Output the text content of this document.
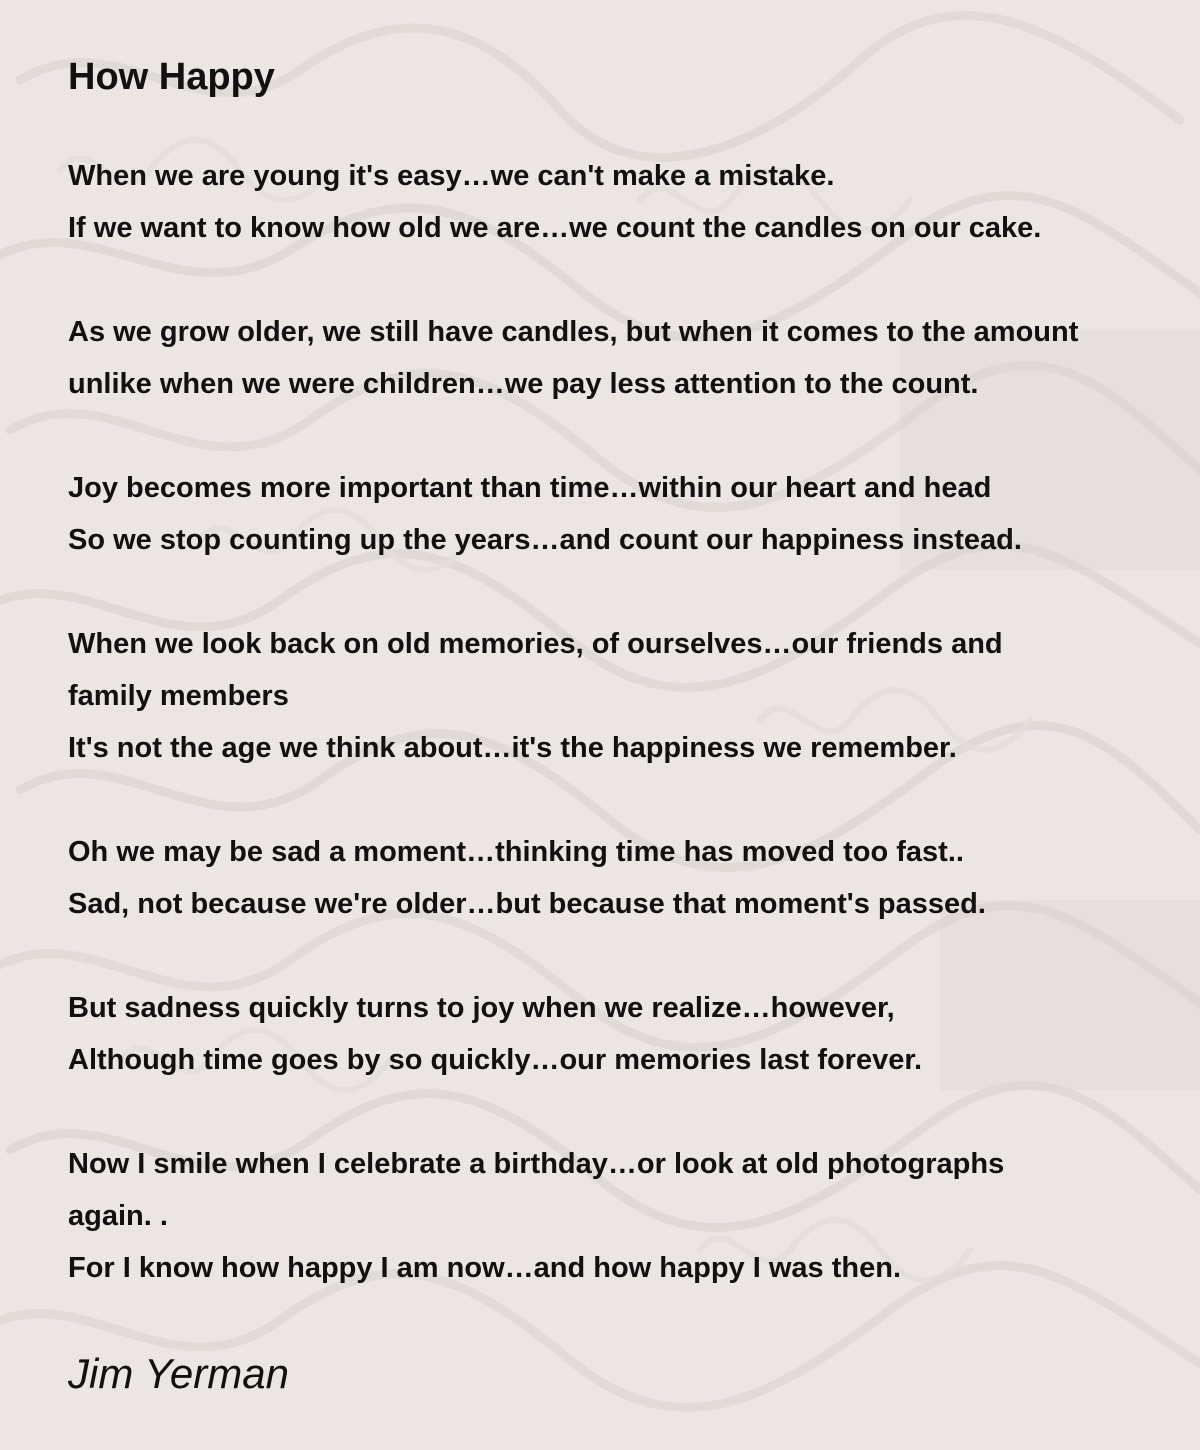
How Happy
When we are young it's easy…we can't make a mistake.
If we want to know how old we are…we count the candles on our cake.
As we grow older, we still have candles, but when it comes to the amount
unlike when we were children…we pay less attention to the count.
Joy becomes more important than time…within our heart and head
So we stop counting up the years…and count our happiness instead.
When we look back on old memories, of ourselves…our friends and
family members
It's not the age we think about…it's the happiness we remember.
Oh we may be sad a moment…thinking time has moved too fast..
Sad, not because we're older…but because that moment's passed.
But sadness quickly turns to joy when we realize…however,
Although time goes by so quickly…our memories last forever.
Now I smile when I celebrate a birthday…or look at old photographs
again. .
For I know how happy I am now…and how happy I was then.

Jim Yerman
